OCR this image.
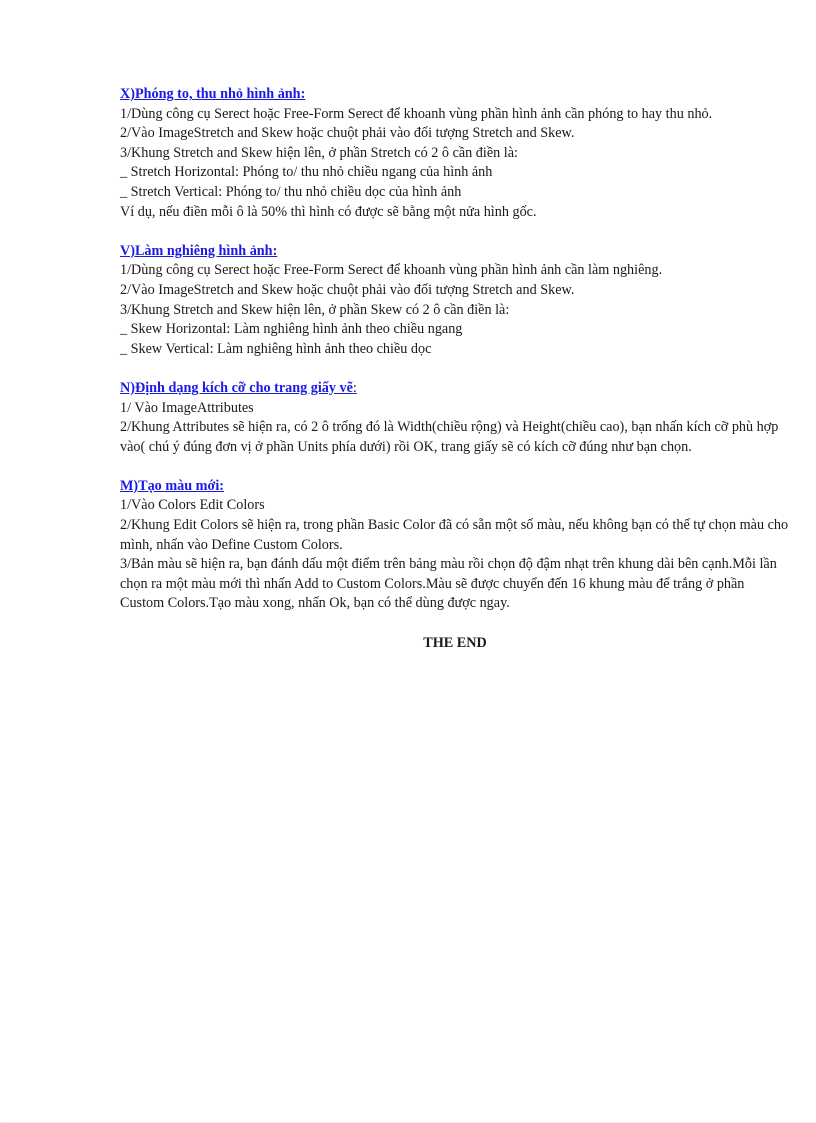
X)Phóng to, thu nhỏ hình ảnh:
1/Dùng công cụ Serect hoặc Free-Form Serect để khoanh vùng phần hình ảnh cần phóng to hay thu nhỏ.
2/Vào ImageStretch and Skew hoặc chuột phải vào đối tượng Stretch and Skew.
3/Khung Stretch and Skew hiện lên, ở phần Stretch có 2 ô cần điền là:
_ Stretch Horizontal: Phóng to/ thu nhỏ chiều ngang của hình ảnh
_ Stretch Vertical: Phóng to/ thu nhỏ chiều dọc của hình ảnh
Ví dụ, nếu điền mỗi ô là 50% thì hình có được sẽ bằng một nửa hình gốc.
V)Làm nghiêng hình ảnh:
1/Dùng công cụ Serect hoặc Free-Form Serect để khoanh vùng phần hình ảnh cần làm nghiêng.
2/Vào ImageStretch and Skew hoặc chuột phải vào đối tượng Stretch and Skew.
3/Khung Stretch and Skew hiện lên, ở phần Skew có 2 ô cần điền là:
_ Skew Horizontal: Làm nghiêng hình ảnh theo chiều ngang
_ Skew Vertical: Làm nghiêng hình ảnh theo chiều dọc
N)Định dạng kích cỡ cho trang giấy vẽ:
1/ Vào ImageAttributes
2/Khung Attributes sẽ hiện ra, có 2 ô trống đó là Width(chiều rộng) và Height(chiều cao), bạn nhấn kích cỡ phù hợp vào( chú ý đúng đơn vị ở phần Units phía dưới) rồi OK, trang giấy sẽ có kích cỡ đúng như bạn chọn.
M)Tạo màu mới:
1/Vào Colors Edit Colors
2/Khung Edit Colors sẽ hiện ra, trong phần Basic Color đã có sẵn một số màu, nếu không bạn có thể tự chọn màu cho mình, nhấn vào Define Custom Colors.
3/Bản màu sẽ hiện ra, bạn đánh dấu một điểm trên bảng màu rồi chọn độ đậm nhạt trên khung dài bên cạnh.Mỗi lần chọn ra một màu mới thì nhấn Add to Custom Colors.Màu sẽ được chuyển đến 16 khung màu để trắng ở phần Custom Colors.Tạo màu xong, nhấn Ok, bạn có thể dùng được ngay.
THE END
